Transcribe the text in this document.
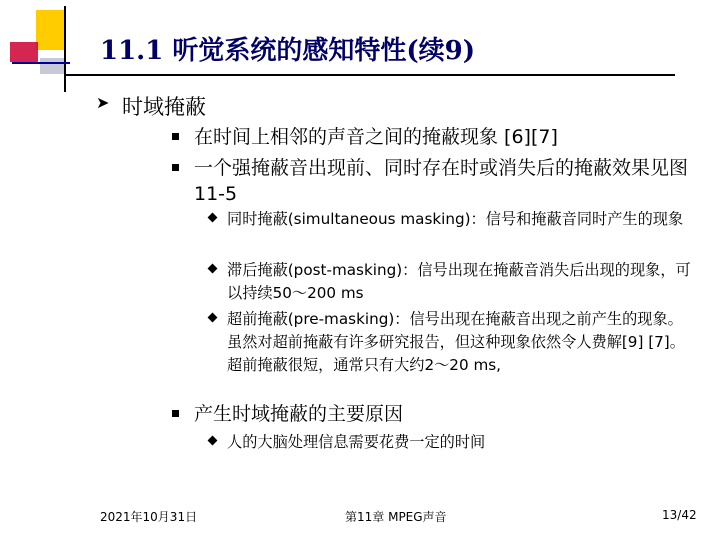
11.1 听觉系统的感知特性(续9)
➤ 时域掩蔽
在时间上相邻的声音之间的掩蔽现象 [6][7]
一个强掩蔽音出现前、同时存在时或消失后的掩蔽效果见图11-5
同时掩蔽(simultaneous masking)：信号和掩蔽音同时产生的现象
滞后掩蔽(post-masking)：信号出现在掩蔽音消失后出现的现象，可以持续50～200 ms
超前掩蔽(pre-masking)：信号出现在掩蔽音出现之前产生的现象。虽然对超前掩蔽有许多研究报告，但这种现象依然令人费解[9] [7]。超前掩蔽很短，通常只有大约2～20 ms,
产生时域掩蔽的主要原因
人的大脑处理信息需要花费一定的时间
2021年10月31日	第11章 MPEG声音	13/42
